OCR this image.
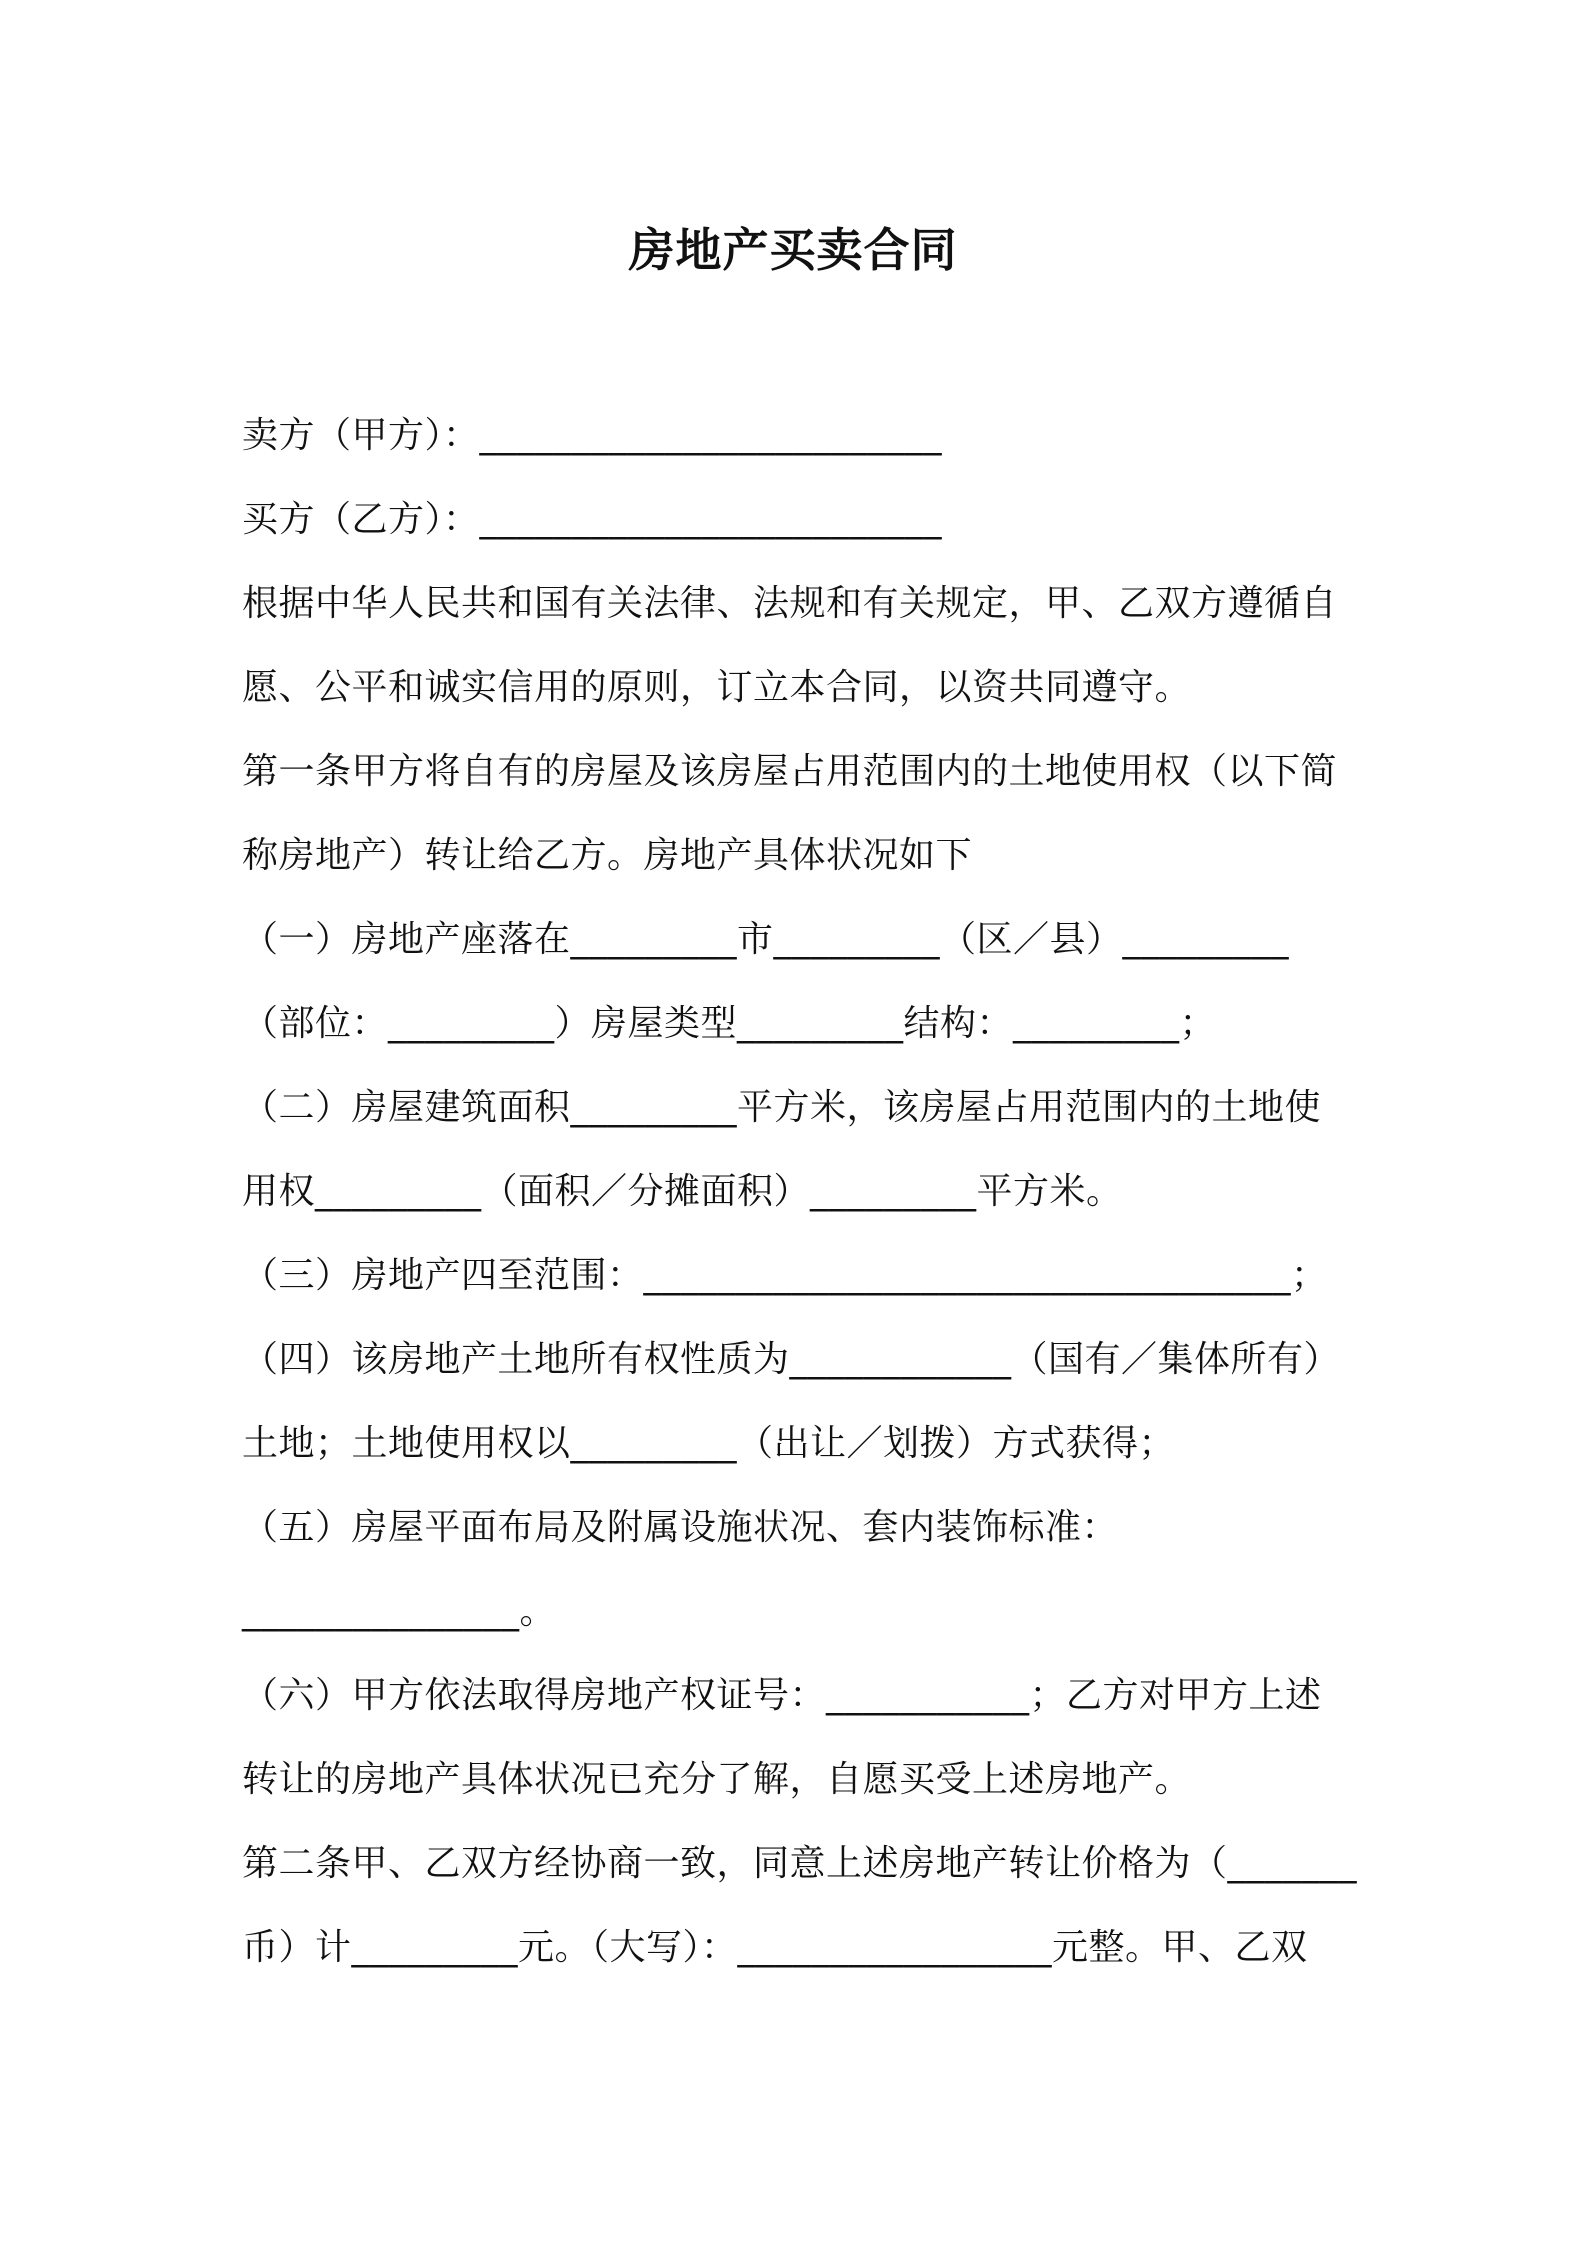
房地产买卖合同
卖方（甲方）：_________________________
买方（乙方）：_________________________
根据中华人民共和国有关法律、法规和有关规定，甲、乙双方遵循自
愿、公平和诚实信用的原则，订立本合同，以资共同遵守。
第一条甲方将自有的房屋及该房屋占用范围内的土地使用权（以下简
称房地产）转让给乙方。房地产具体状况如下
（一）房地产座落在_________市_________（区／县）_________
（部位：_________）房屋类型_________结构：_________；
（二）房屋建筑面积_________平方米，该房屋占用范围内的土地使
用权_________（面积／分摊面积）_________平方米。
（三）房地产四至范围：___________________________________；
（四）该房地产土地所有权性质为____________（国有／集体所有）
土地；土地使用权以_________（出让／划拨）方式获得；
（五）房屋平面布局及附属设施状况、套内装饰标准：
_______________。
（六）甲方依法取得房地产权证号：___________；乙方对甲方上述
转让的房地产具体状况已充分了解，自愿买受上述房地产。
第二条甲、乙双方经协商一致，同意上述房地产转让价格为（_______
币）计_________元。（大写）：_________________元整。甲、乙双
